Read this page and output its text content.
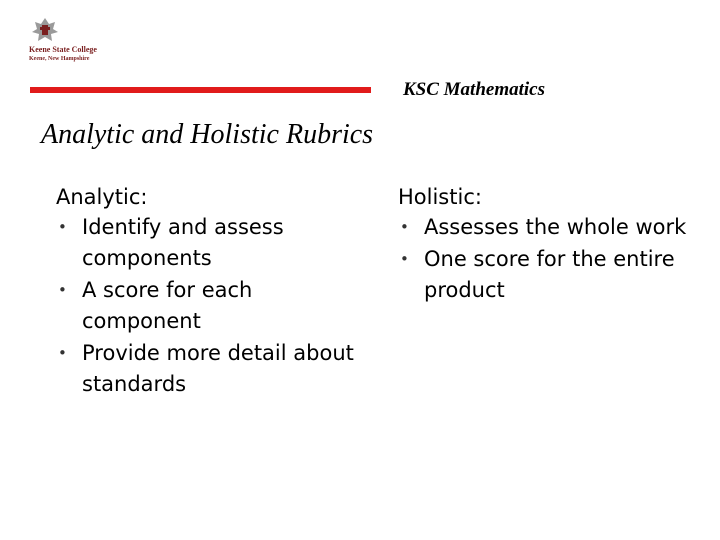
Keene State College
Keene, New Hampshire
KSC Mathematics
Analytic and Holistic Rubrics
Analytic:
• Identify and assess components
• A score for each component
• Provide more detail about standards
Holistic:
• Assesses the whole work
• One score for the entire product
